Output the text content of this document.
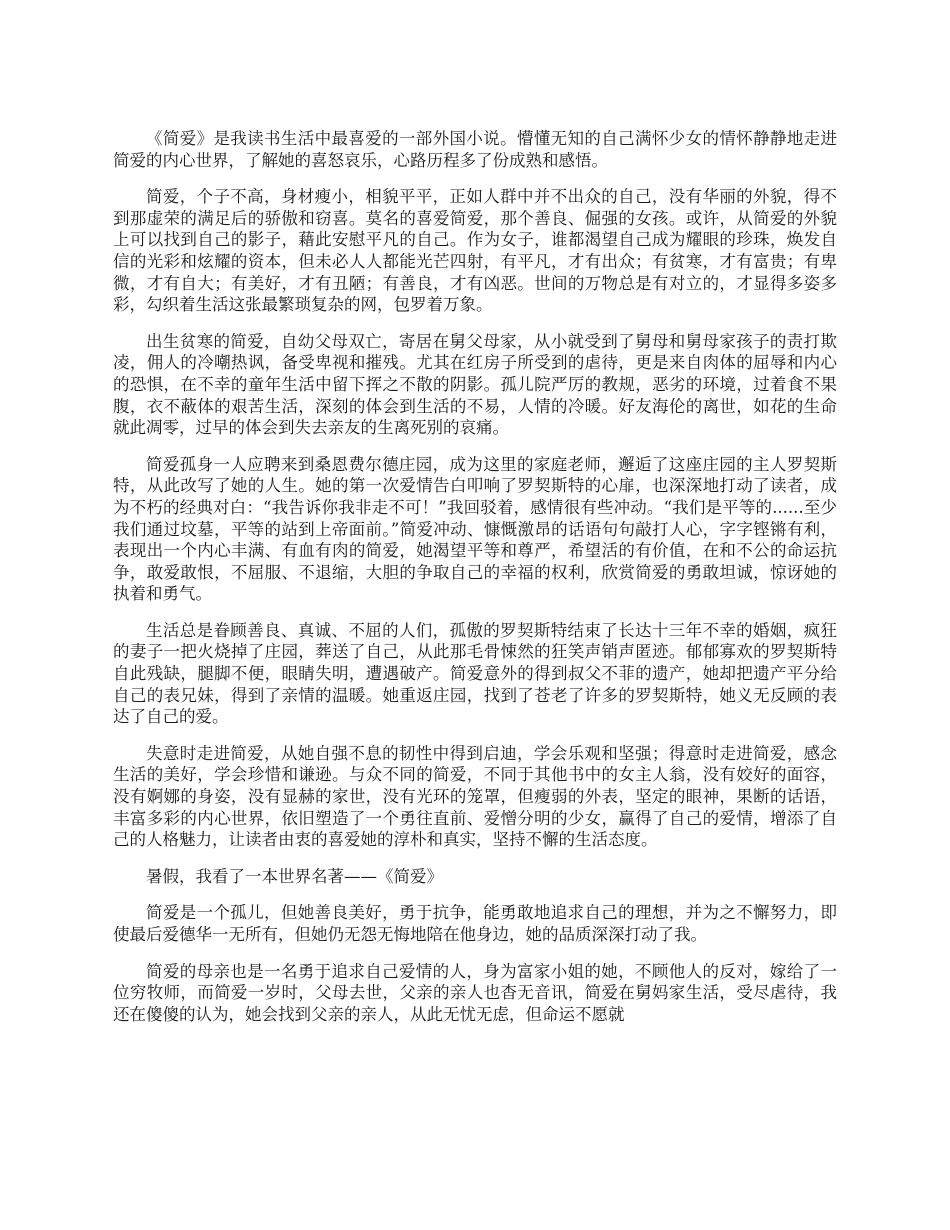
《简爱》是我读书生活中最喜爱的一部外国小说。懵懂无知的自己满怀少女的情怀静静地走进简爱的内心世界，了解她的喜怒哀乐，心路历程多了份成熟和感悟。

简爱，个子不高，身材瘦小，相貌平平，正如人群中并不出众的自己，没有华丽的外貌，得不到那虚荣的满足后的骄傲和窃喜。莫名的喜爱简爱，那个善良、倔强的女孩。或许，从简爱的外貌上可以找到自己的影子，藉此安慰平凡的自己。作为女子，谁都渴望自己成为耀眼的珍珠，焕发自信的光彩和炫耀的资本，但未必人人都能光芒四射，有平凡，才有出众；有贫寒，才有富贵；有卑微，才有自大；有美好，才有丑陋；有善良，才有凶恶。世间的万物总是有对立的，才显得多姿多彩，勾织着生活这张最繁琐复杂的网，包罗着万象。

出生贫寒的简爱，自幼父母双亡，寄居在舅父母家，从小就受到了舅母和舅母家孩子的责打欺凌，佣人的冷嘲热讽，备受卑视和摧残。尤其在红房子所受到的虐待，更是来自肉体的屈辱和内心的恐惧，在不幸的童年生活中留下挥之不散的阴影。孤儿院严厉的教规，恶劣的环境，过着食不果腹，衣不蔽体的艰苦生活，深刻的体会到生活的不易，人情的冷暖。好友海伦的离世，如花的生命就此凋零，过早的体会到失去亲友的生离死别的哀痛。

简爱孤身一人应聘来到桑恩费尔德庄园，成为这里的家庭老师，邂逅了这座庄园的主人罗契斯特，从此改写了她的人生。她的第一次爱情告白叩响了罗契斯特的心扉，也深深地打动了读者，成为不朽的经典对白：“我告诉你我非走不可！”我回驳着，感情很有些冲动。“我们是平等的......至少我们通过坟墓，平等的站到上帝面前。”简爱冲动、慷慨激昂的话语句句敲打人心，字字铿锵有利，表现出一个内心丰满、有血有肉的简爱，她渴望平等和尊严，希望活的有价值，在和不公的命运抗争，敢爱敢恨，不屈服、不退缩，大胆的争取自己的幸福的权利，欣赏简爱的勇敢坦诚，惊讶她的执着和勇气。

生活总是眷顾善良、真诚、不屈的人们，孤傲的罗契斯特结束了长达十三年不幸的婚姻，疯狂的妻子一把火烧掉了庄园，葬送了自己，从此那毛骨悚然的狂笑声销声匿迹。郁郁寡欢的罗契斯特自此残缺，腿脚不便，眼睛失明，遭遇破产。简爱意外的得到叔父不菲的遗产，她却把遗产平分给自己的表兄妹，得到了亲情的温暖。她重返庄园，找到了苍老了许多的罗契斯特，她义无反顾的表达了自己的爱。

失意时走进简爱，从她自强不息的韧性中得到启迪，学会乐观和坚强；得意时走进简爱，感念生活的美好，学会珍惜和谦逊。与众不同的简爱，不同于其他书中的女主人翁，没有姣好的面容，没有婀娜的身姿，没有显赫的家世，没有光环的笼罩，但瘦弱的外表，坚定的眼神，果断的话语，丰富多彩的内心世界，依旧塑造了一个勇往直前、爱憎分明的少女，赢得了自己的爱情，增添了自己的人格魅力，让读者由衷的喜爱她的淳朴和真实，坚持不懈的生活态度。

暑假，我看了一本世界名著——《简爱》

简爱是一个孤儿，但她善良美好，勇于抗争，能勇敢地追求自己的理想，并为之不懈努力，即使最后爱德华一无所有，但她仍无怨无悔地陪在他身边，她的品质深深打动了我。

简爱的母亲也是一名勇于追求自己爱情的人，身为富家小姐的她，不顾他人的反对，嫁给了一位穷牧师，而简爱一岁时，父母去世，父亲的亲人也杳无音讯，简爱在舅妈家生活，受尽虐待，我还在傻傻的认为，她会找到父亲的亲人，从此无忧无虑，但命运不愿就
